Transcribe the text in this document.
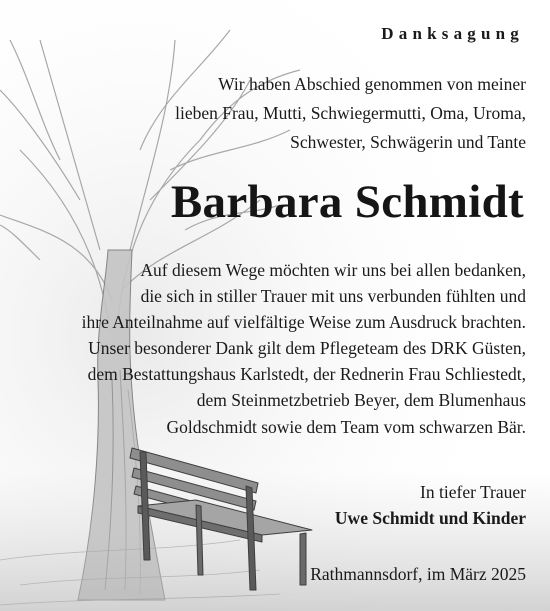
Danksagung
Wir haben Abschied genommen von meiner
lieben Frau, Mutti, Schwiegermutti, Oma, Uroma,
Schwester, Schwägerin und Tante
Barbara Schmidt
Auf diesem Wege möchten wir uns bei allen bedanken,
die sich in stiller Trauer mit uns verbunden fühlten und
ihre Anteilnahme auf vielfältige Weise zum Ausdruck brachten.
Unser besonderer Dank gilt dem Pflegeteam des DRK Güsten,
dem Bestattungshaus Karlstedt, der Rednerin Frau Schliestedt,
dem Steinmetzbetrieb Beyer, dem Blumenhaus
Goldschmidt sowie dem Team vom schwarzen Bär.
In tiefer Trauer
Uwe Schmidt und Kinder
Rathmannsdorf, im März 2025
